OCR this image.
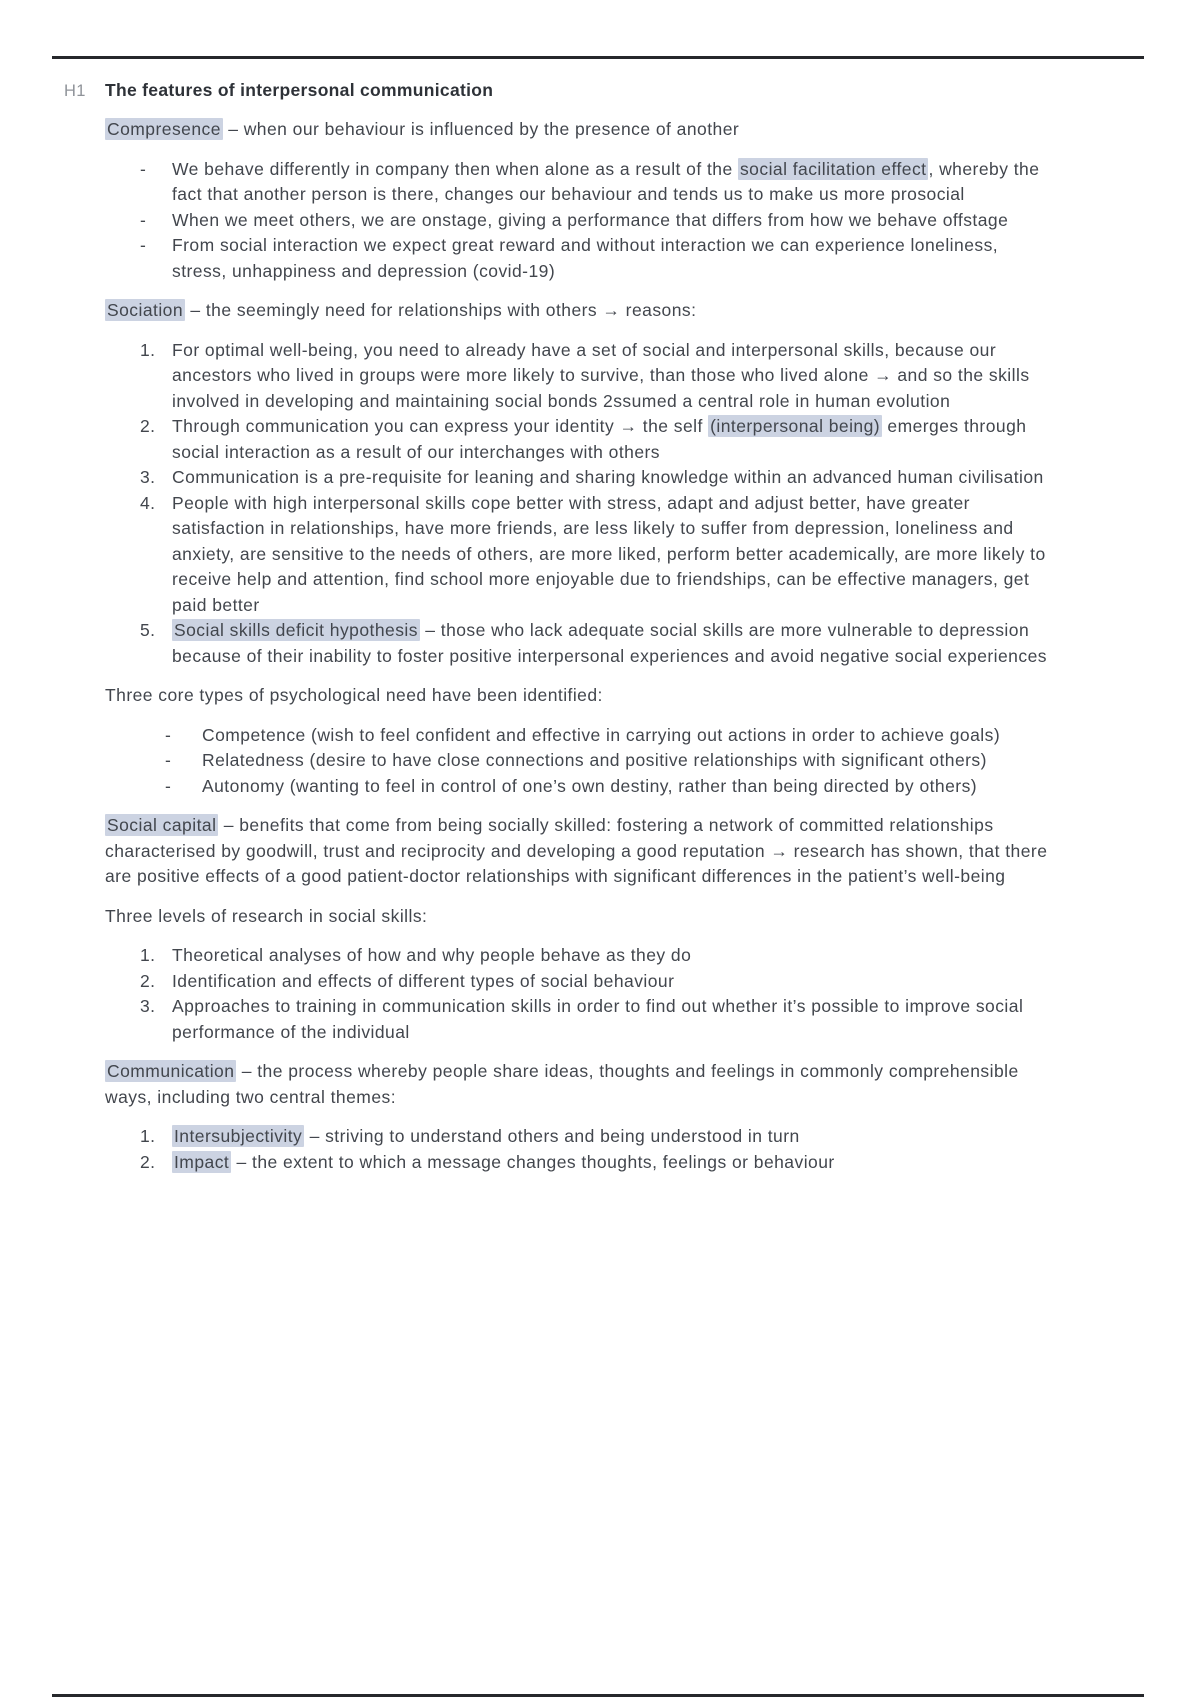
H1	The features of interpersonal communication
Compresence – when our behaviour is influenced by the presence of another
-	We behave differently in company then when alone as a result of the social facilitation effect , whereby the fact that another person is there, changes our behaviour and tends us to make us more prosocial
-	When we meet others, we are onstage, giving a performance that differs from how we behave offstage
-	From social interaction we expect great reward and without interaction we can experience loneliness, stress, unhappiness and depression (covid-19)
Sociation – the seemingly need for relationships with others → reasons:
1. For optimal well-being, you need to already have a set of social and interpersonal skills, because our ancestors who lived in groups were more likely to survive, than those who lived alone → and so the skills involved in developing and maintaining social bonds 2ssumed a central role in human evolution
2. Through communication you can express your identity → the self (interpersonal being) emerges through social interaction as a result of our interchanges with others
3. Communication is a pre-requisite for leaning and sharing knowledge within an advanced human civilisation
4. People with high interpersonal skills cope better with stress, adapt and adjust better, have greater satisfaction in relationships, have more friends, are less likely to suffer from depression, loneliness and anxiety, are sensitive to the needs of others, are more liked, perform better academically, are more likely to receive help and attention, find school more enjoyable due to friendships, can be effective managers, get paid better
5.	Social skills deficit hypothesis – those who lack adequate social skills are more vulnerable to depression because of their inability to foster positive interpersonal experiences and avoid negative social experiences
Three core types of psychological need have been identified:
-	Competence (wish to feel confident and effective in carrying out actions in order to achieve goals)
-	Relatedness (desire to have close connections and positive relationships with significant others)
-	Autonomy (wanting to feel in control of one’s own destiny, rather than being directed by others)
Social capital – benefits that come from being socially skilled: fostering a network of committed relationships characterised by goodwill, trust and reciprocity and developing a good reputation → research has shown, that there are positive effects of a good patient-doctor relationships with significant differences in the patient’s well-being
Three levels of research in social skills:
1. Theoretical analyses of how and why people behave as they do
2. Identification and effects of different types of social behaviour
3. Approaches to training in communication skills in order to find out whether it’s possible to improve social performance of the individual
Communication – the process whereby people share ideas, thoughts and feelings in commonly comprehensible ways, including two central themes:
1.	Intersubjectivity – striving to understand others and being understood in turn
2.	Impact – the extent to which a message changes thoughts, feelings or behaviour
